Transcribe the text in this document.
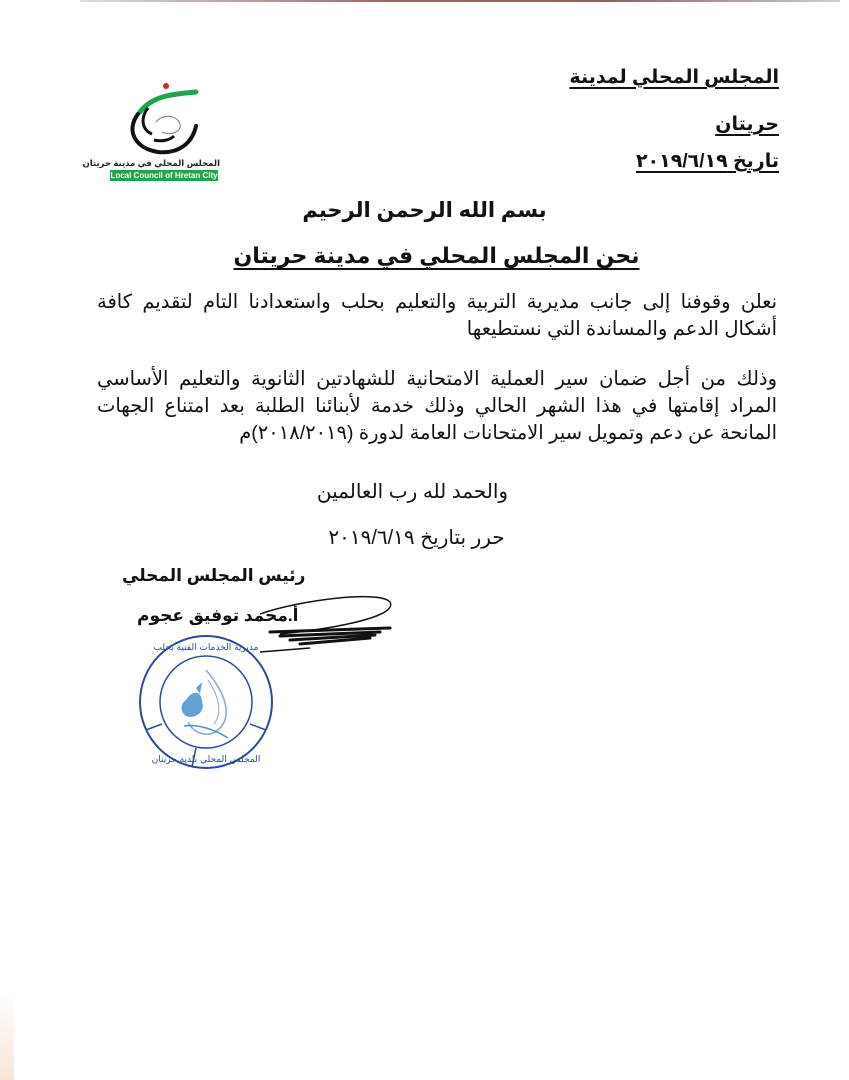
المجلس المحلي في مدينة حريتان
Local Council of Hretan City
المجلس المحلي لمدينة
حريتان
تاريخ ٢٠١٩/٦/١٩
بسم الله الرحمن الرحيم
نحن المجلس المحلي في مدينة حريتان
نعلن وقوفنا إلى جانب مديرية التربية والتعليم بحلب واستعدادنا التام لتقديم كافة أشكال الدعم والمساندة التي نستطيعها
وذلك من أجل ضمان سير العملية الامتحانية للشهادتين الثانوية والتعليم الأساسي المراد إقامتها في هذا الشهر الحالي وذلك خدمة لأبنائنا الطلبة بعد امتناع الجهات المانحة عن دعم وتمويل سير الامتحانات العامة لدورة (٢٠١٨/٢٠١٩)م
والحمد لله رب العالمين
حرر بتاريخ ٢٠١٩/٦/١٩
رئيس المجلس المحلي
أ.محمد توفيق عجوم
مديرية الخدمات الفنية بحلب
المجلس المحلي بلدية حريتان
